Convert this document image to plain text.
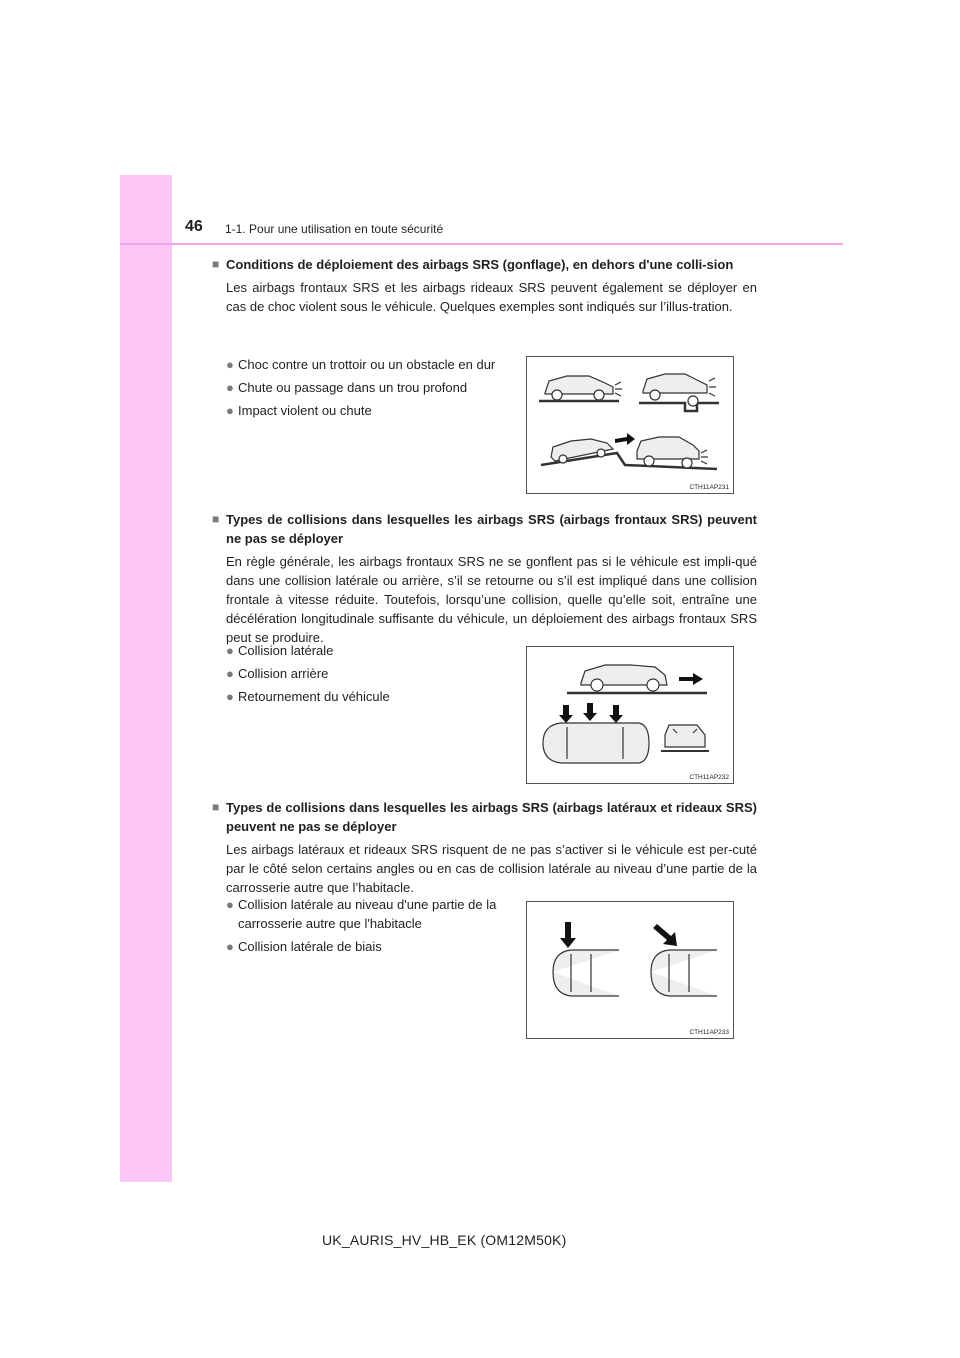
46 1-1. Pour une utilisation en toute sécurité
■ Conditions de déploiement des airbags SRS (gonflage), en dehors d'une colli-sion
Les airbags frontaux SRS et les airbags rideaux SRS peuvent également se déployer en cas de choc violent sous le véhicule. Quelques exemples sont indiqués sur l’illus-tration.
● Choc contre un trottoir ou un obstacle en dur
● Chute ou passage dans un trou profond
● Impact violent ou chute
CTH11AP231
■ Types de collisions dans lesquelles les airbags SRS (airbags frontaux SRS) peuvent ne pas se déployer
En règle générale, les airbags frontaux SRS ne se gonflent pas si le véhicule est impli-qué dans une collision latérale ou arrière, s’il se retourne ou s’il est impliqué dans une collision frontale à vitesse réduite. Toutefois, lorsqu’une collision, quelle qu’elle soit, entraîne une décélération longitudinale suffisante du véhicule, un déploiement des airbags frontaux SRS peut se produire.
● Collision latérale
● Collision arrière
● Retournement du véhicule
CTH11AP232
■ Types de collisions dans lesquelles les airbags SRS (airbags latéraux et rideaux SRS) peuvent ne pas se déployer
Les airbags latéraux et rideaux SRS risquent de ne pas s’activer si le véhicule est per-cuté par le côté selon certains angles ou en cas de collision latérale au niveau d’une partie de la carrosserie autre que l’habitacle.
● Collision latérale au niveau d'une partie de la carrosserie autre que l'habitacle
● Collision latérale de biais
CTH11AP233
UK_AURIS_HV_HB_EK (OM12M50K)
